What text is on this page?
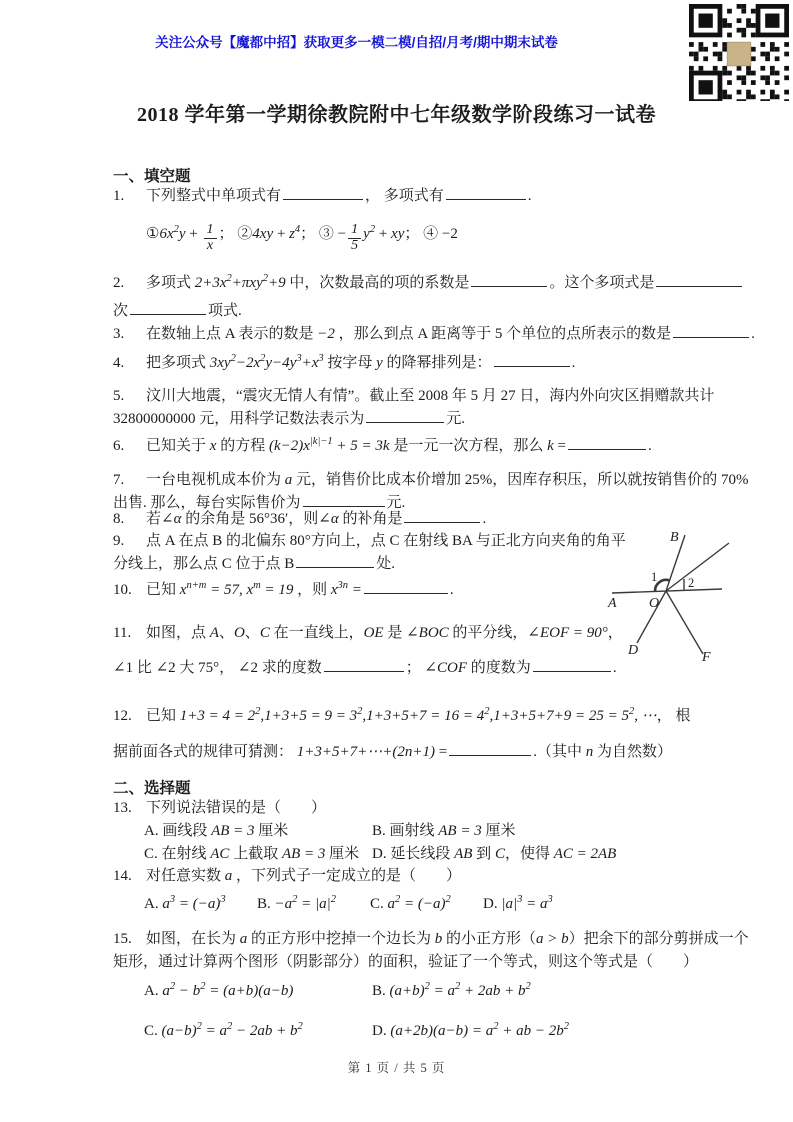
关注公众号【魔都中招】获取更多一模二模/自招/月考/期中期末试卷
2018 学年第一学期徐教院附中七年级数学阶段练习一试卷
一、填空题
1. 下列整式中单项式有	， 多项式有	.
$①6x^2y + \frac{1}{x}$ ； ②4xy + $z^4$； ③ − $\frac{1}{5} y^2$ + xy； ④ −2
2. 多项式 $2+3x^2+\pi xy^2+9$ 中，次数最高的项的系数是	。这个多项式是
次	项式.
3. 在数轴上点 A 表示的数是 −2 ，那么到点 A 距离等于 5 个单位的点所表示的数是	.
4. 把多项式 $3xy^2-2x^2y-4y^3+x^3$ 按字母 y 的降幂排列是：	.
5. 汶川大地震，“震灾无情人有情”。截止至 2008 年 5 月 27 日，海内外向灾区捐赠款共计
32800000000 元，用科学记数法表示为	元.
6. 已知关于 x 的方程 $(k-2)x^{|k|-1} + 5 = 3k$ 是一元一次方程，那么 k =	.
7. 一台电视机成本价为 a 元，销售价比成本价增加 25%，因库存积压，所以就按销售价的 70%
出售. 那么，每台实际售价为	元.
8. 若∠α 的余角是 56°36′，则∠α 的补角是	.
9. 点 A 在点 B 的北偏东 80°方向上，点 C 在射线 BA 与正北方向夹角的角平
分线上，那么点 C 位于点 B	处.
10. 已知 $x^{n+m} = 57$, $x^m = 19$ ，则 $x^{3n}$ =	.
11. 如图，点 A、O、C 在一直线上，OE 是 ∠BOC 的平分线，∠EOF = 90°，
∠1 比 ∠2 大 75°， ∠2 求的度数	； ∠COF 的度数为	.
12. 已知 $1+3 = 4 = 2^2,1+3+5 = 9 = 3^2,1+3+5+7 = 16 = 4^2,1+3+5+7+9 = 25 = 5^2$, ⋯， 根
据前面各式的规律可猜测： 1+3+5+7+⋯+(2n+1) =	.（其中 n 为自然数）
二、选择题
13. 下列说法错误的是（　　）
A. 画线段 AB = 3 厘米	B. 画射线 AB = 3 厘米
C. 在射线 AC 上截取 AB = 3 厘米 D. 延长线段 AB 到 C，使得 AC = 2AB
14. 对任意实数 a ，下列式子一定成立的是（　　）
A. $a^3 = (-a)^3$ B. $-a^2 = |a|^2$ C. $a^2 = (-a)^2$ D. $|a|^3 = a^3$
15. 如图，在长为 a 的正方形中挖掉一个边长为 b 的小正方形（a > b）把余下的部分剪拼成一个
矩形，通过计算两个图形（阴影部分）的面积，验证了一个等式，则这个等式是（　　）
A. $a^2 - b^2 = (a+b)(a-b)$	B. $(a+b)^2 = a^2 + 2ab + b^2$
C. $(a-b)^2 = a^2 - 2ab + b^2$	D. $(a+2b)(a-b) = a^2$ + ab − $2b^2$
B
A O
D	F
1 2
第 1 页 / 共 5 页
